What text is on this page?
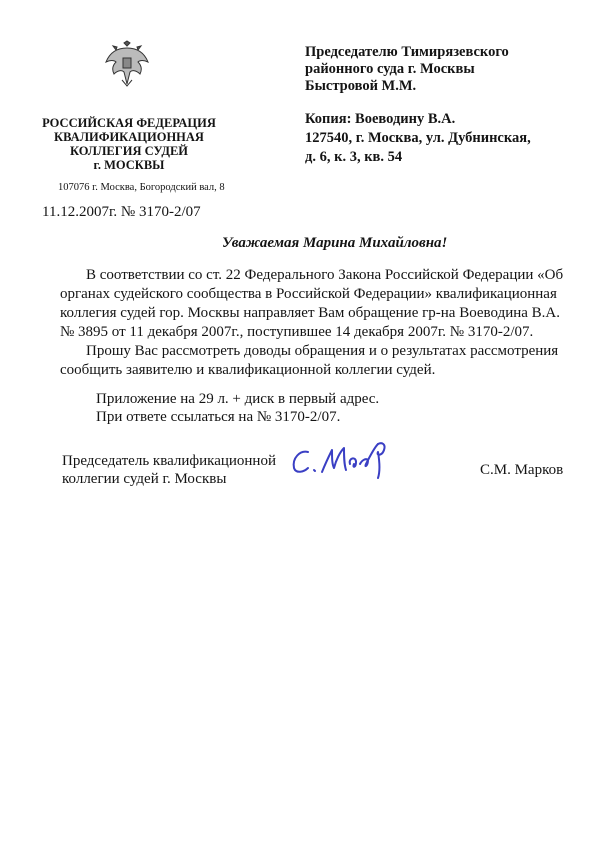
РОССИЙСКАЯ ФЕДЕРАЦИЯ
КВАЛИФИКАЦИОННАЯ
КОЛЛЕГИЯ СУДЕЙ
г. МОСКВЫ
107076 г. Москва, Богородский вал, 8
11.12.2007г. № 3170-2/07
Председателю Тимирязевского
районного суда г. Москвы
Быстровой М.М.
Копия: Воеводину В.А.
127540, г. Москва, ул. Дубнинская,
д. 6, к. 3, кв. 54
Уважаемая Марина Михайловна!
В соответствии со ст. 22 Федерального Закона Российской Федерации «Об
органах судейского сообщества в Российской Федерации» квалификационная
коллегия судей гор. Москвы направляет Вам обращение гр-на Воеводина В.А.
№ 3895 от 11 декабря 2007г., поступившее 14 декабря 2007г. № 3170-2/07.
Прошу Вас рассмотреть доводы обращения и о результатах рассмотрения
сообщить заявителю и квалификационной коллегии судей.
Приложение на 29 л. + диск в первый адрес.
При ответе ссылаться на № 3170-2/07.
Председатель квалификационной
коллегии судей г. Москвы
С.М. Марков
